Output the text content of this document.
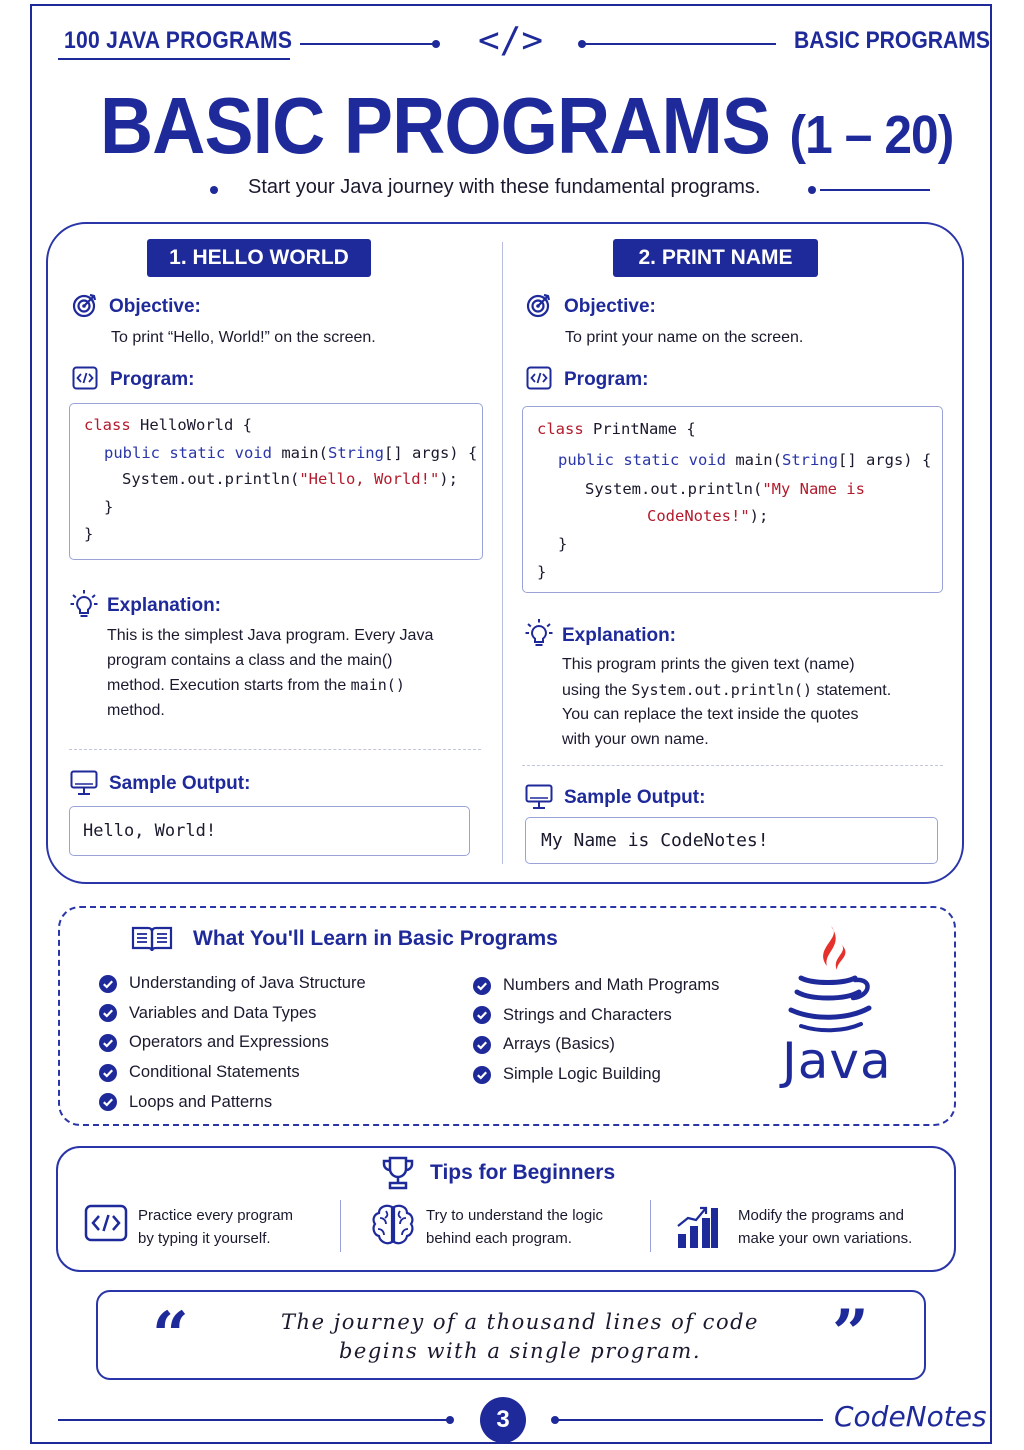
100 JAVA PROGRAMS	</>	BASIC PROGRAMS
BASIC PROGRAMS (1 – 20)
Start your Java journey with these fundamental programs.
1. HELLO WORLD
Objective:
To print “Hello, World!” on the screen.
Program:
class HelloWorld {
public static void main(String[] args) {
System.out.println("Hello, World!");
}
}
Explanation:
This is the simplest Java program. Every Java
program contains a class and the main()
method. Execution starts from the main()
method.
Sample Output:
Hello, World!
2. PRINT NAME
Objective:
To print your name on the screen.
Program:
class PrintName {
public static void main(String[] args) {
System.out.println("My Name is
CodeNotes!");
}
}
Explanation:
This program prints the given text (name)
using the System.out.println() statement.
You can replace the text inside the quotes
with your own name.
Sample Output:
My Name is CodeNotes!
What You'll Learn in Basic Programs
Understanding of Java Structure
Variables and Data Types
Operators and Expressions
Conditional Statements
Loops and Patterns
Numbers and Math Programs
Strings and Characters
Arrays (Basics)
Simple Logic Building Java
Tips for Beginners
Practice every program
by typing it yourself.
Try to understand the logic
behind each program.
Modify the programs and
make your own variations.
“	”
The journey of a thousand lines of code
begins with a single program.
3	CodeNotes
